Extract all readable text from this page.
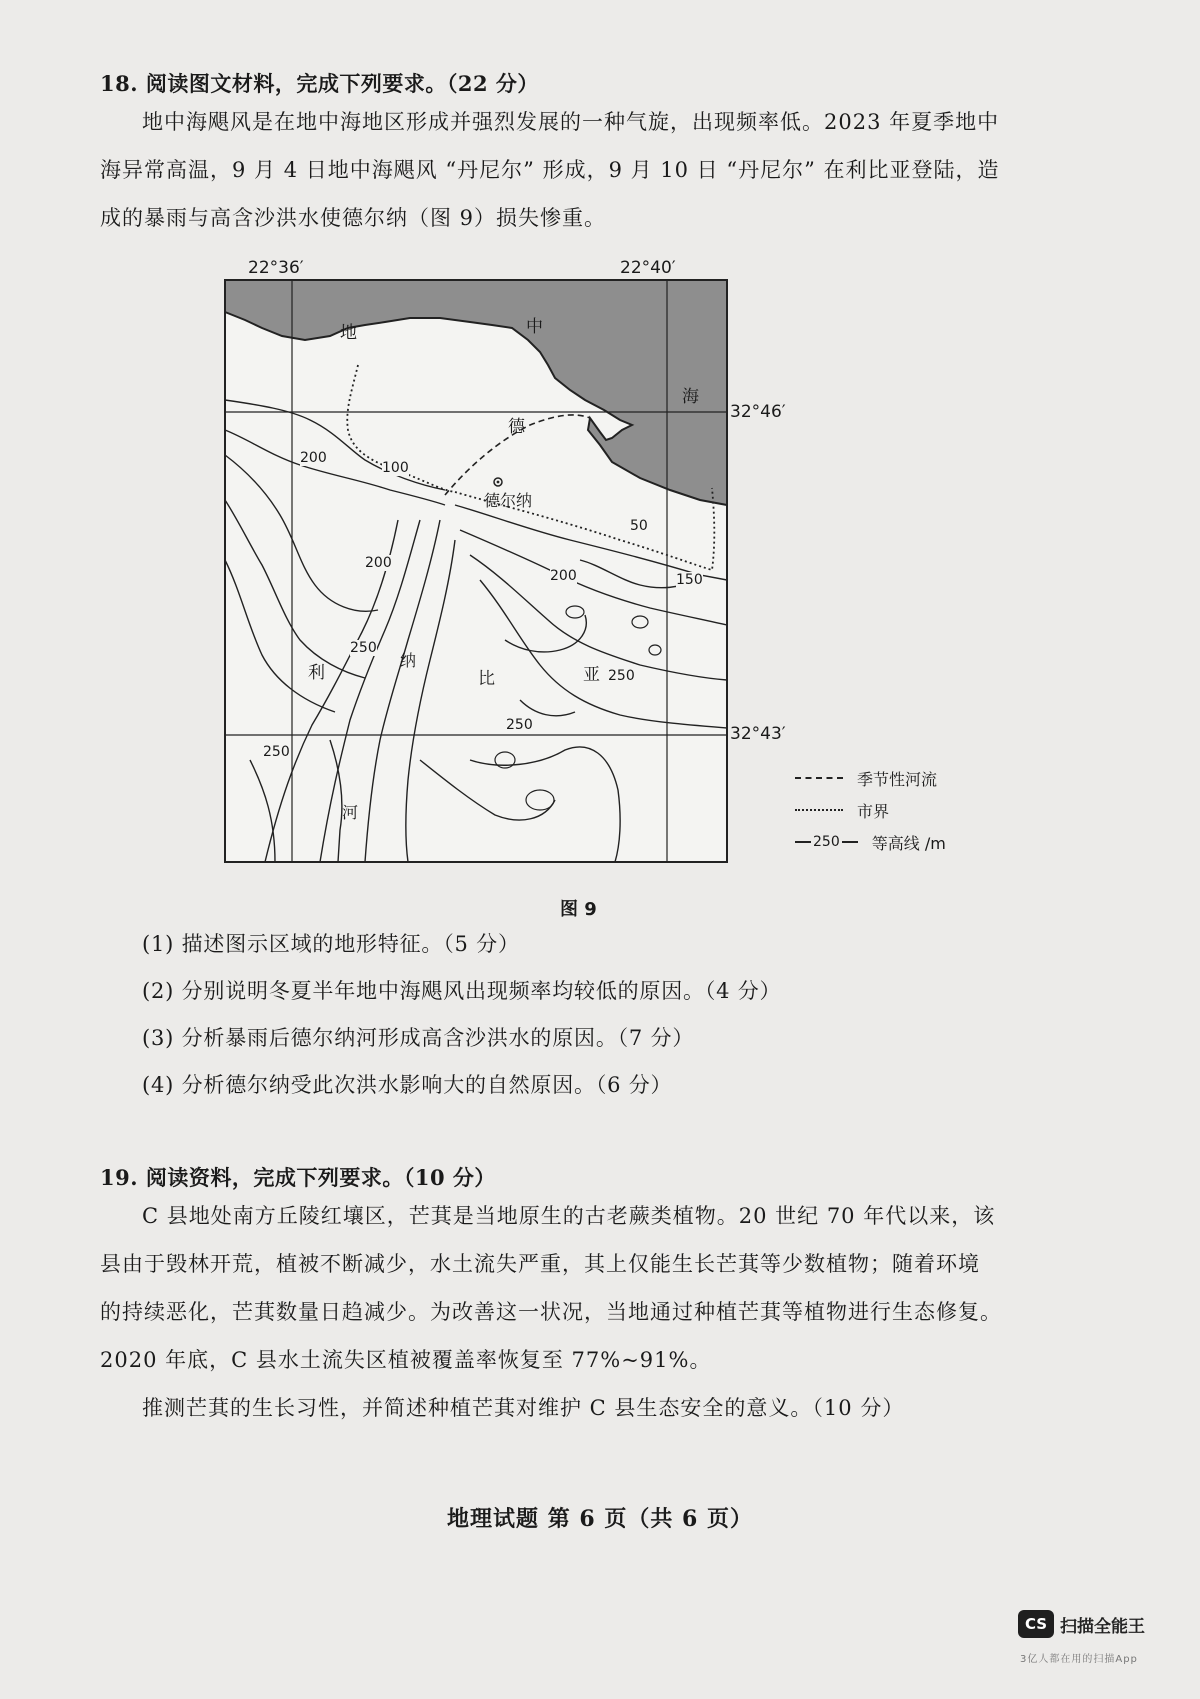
18. 阅读图文材料，完成下列要求。（22 分）

地中海飓风是在地中海地区形成并强烈发展的一种气旋，出现频率低。2023 年夏季地中

海异常高温，9 月 4 日地中海飓风 “丹尼尔” 形成，9 月 10 日 “丹尼尔” 在利比亚登陆，造

成的暴雨与高含沙洪水使德尔纳（图 9）损失惨重。

22°36′	22°40′
32°46′
32°43′
地	中
海
德
德尔纳
利	比	亚
纳
河
200
100
50
200
150
200
250
250
250
250
季节性河流
市界
250 等高线 /m
图 9
(1) 描述图示区域的地形特征。（5 分）
(2) 分别说明冬夏半年地中海飓风出现频率均较低的原因。（4 分）
(3) 分析暴雨后德尔纳河形成高含沙洪水的原因。（7 分）
(4) 分析德尔纳受此次洪水影响大的自然原因。（6 分）
19. 阅读资料，完成下列要求。（10 分）

C 县地处南方丘陵红壤区，芒萁是当地原生的古老蕨类植物。20 世纪 70 年代以来，该

县由于毁林开荒，植被不断减少，水土流失严重，其上仅能生长芒萁等少数植物；随着环境

的持续恶化，芒萁数量日趋减少。为改善这一状况，当地通过种植芒萁等植物进行生态修复。

2020 年底，C 县水土流失区植被覆盖率恢复至 77%~91%。

推测芒萁的生长习性，并简述种植芒萁对维护 C 县生态安全的意义。（10 分）

地理试题 第 6 页（共 6 页）
CS 扫描全能王
3亿人都在用的扫描App
